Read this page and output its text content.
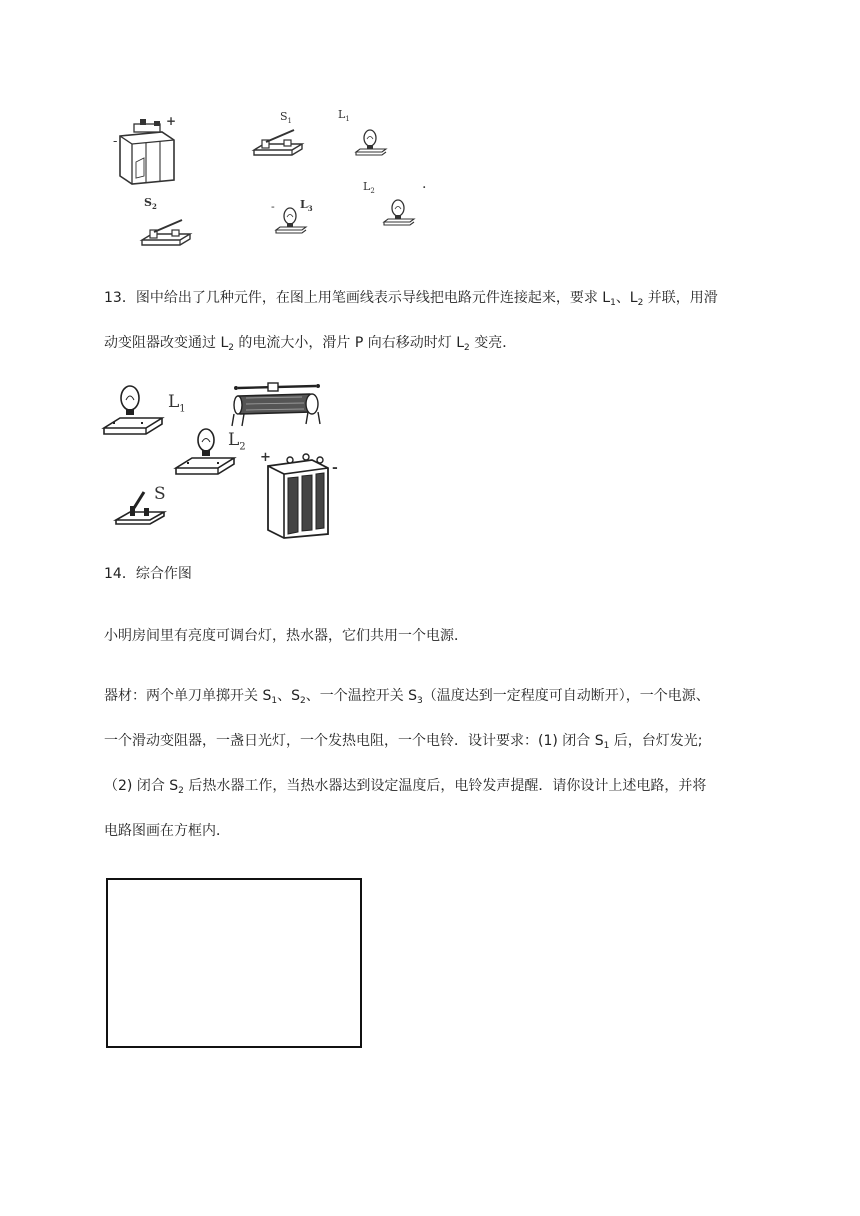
-
+	$S_1$
$L_1$
$L_2$	.
$S_2$	- $L_3$
13．图中给出了几种元件，在图上用笔画线表示导线把电路元件连接起来，要求 $L_1$、$L_2$ 并联，用滑
动变阻器改变通过 $L_2$ 的电流大小，滑片 P 向右移动时灯 $L_2$ 变亮．
$L_1$
$L_2$
S
+
-
14．综合作图
小明房间里有亮度可调台灯，热水器，它们共用一个电源．
器材：两个单刀单掷开关 $S_1$、$S_2$、一个温控开关 $S_3$（温度达到一定程度可自动断开），一个电源、
一个滑动变阻器，一盏日光灯，一个发热电阻，一个电铃．设计要求：(1) 闭合 $S_1$ 后，台灯发光;
（2) 闭合 $S_2$ 后热水器工作，当热水器达到设定温度后，电铃发声提醒．请你设计上述电路，并将
电路图画在方框内．
